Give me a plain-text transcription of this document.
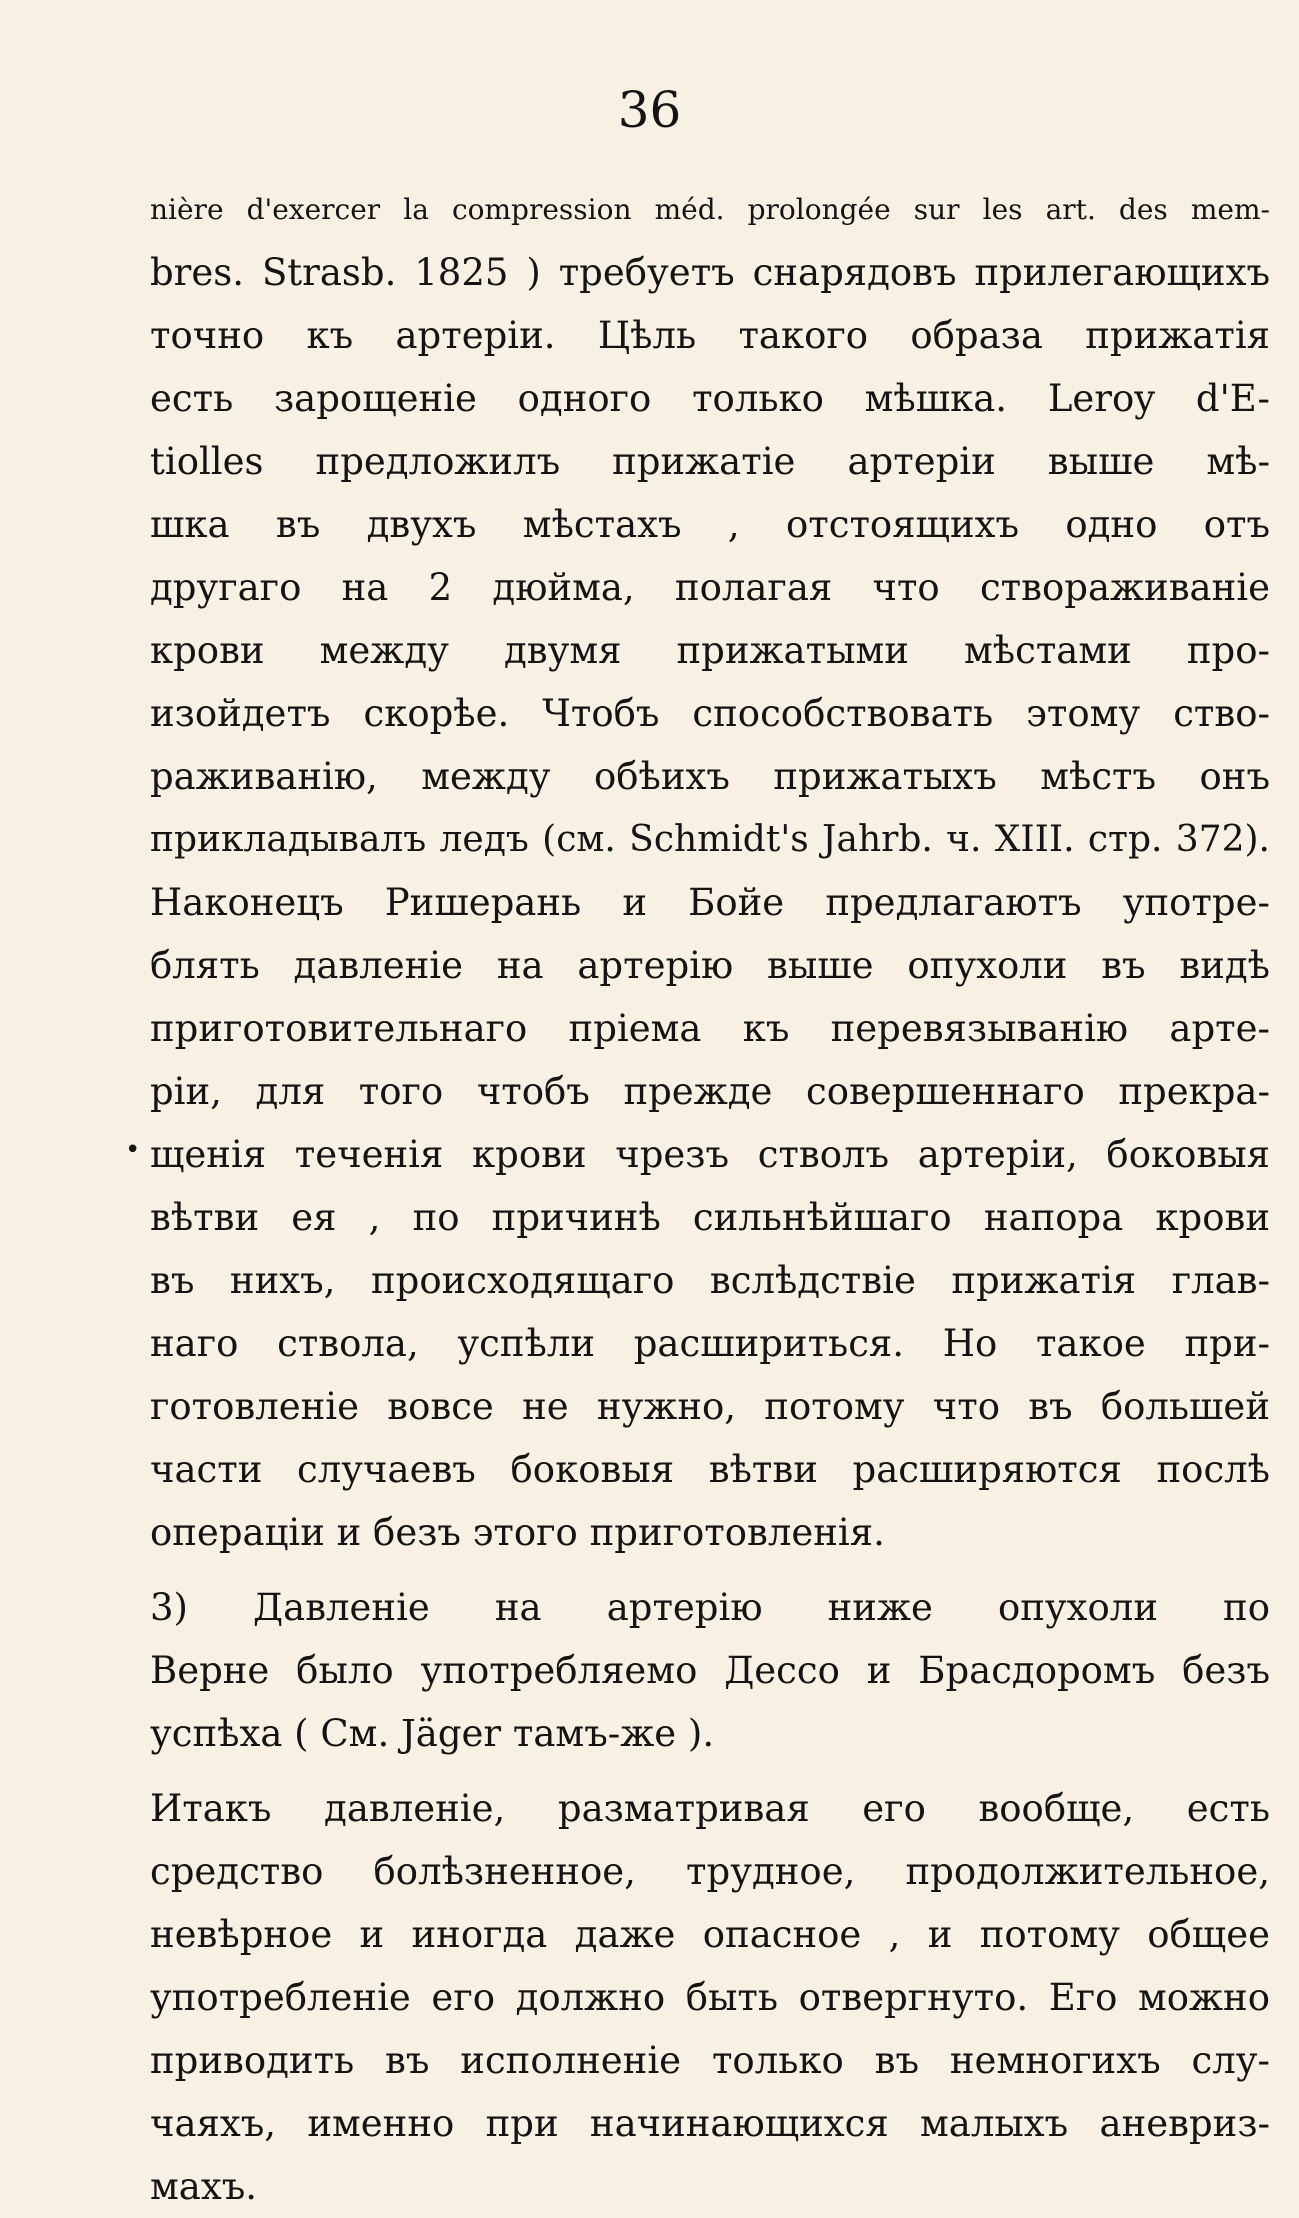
36
•
nière d'exercer la compression méd. prolongée sur les art. des mem-
bres. Strasb. 1825 ) требуетъ снарядовъ прилегающихъ
точно къ артеріи. Цѣль такого образа прижатія
есть зарощеніе одного только мѣшка. Leroy d'E-
tiolles предложилъ прижатіе артеріи выше мѣ-
шка въ двухъ мѣстахъ , отстоящихъ одно отъ
другаго на 2 дюйма, полагая что створаживаніе
крови между двумя прижатыми мѣстами про-
изойдетъ скорѣе. Чтобъ способствовать этому ство-
раживанію, между обѣихъ прижатыхъ мѣстъ онъ
прикладывалъ ледъ (см. Schmidt's Jahrb. ч. XIII. стр. 372).
Наконецъ Ришерань и Бойе предлагаютъ употре-
блять давленіе на артерію выше опухоли въ видѣ
приготовительнаго пріема къ перевязыванію арте-
ріи, для того чтобъ прежде совершеннаго прекра-
щенія теченія крови чрезъ стволъ артеріи, боковыя
вѣтви ея , по причинѣ сильнѣйшаго напора крови
въ нихъ, происходящаго вслѣдствіе прижатія глав-
наго ствола, успѣли расшириться. Но такое при-
готовленіе вовсе не нужно, потому что въ большей
части случаевъ боковыя вѣтви расширяются послѣ
операціи и безъ этого приготовленія.
3) Давленіе на артерію ниже опухоли по
Верне было употребляемо Дессо и Брасдоромъ безъ
успѣха ( См. Jäger тамъ-же ).
Итакъ давленіе, разматривая его вообще, есть
средство болѣзненное, трудное, продолжительное,
невѣрное и иногда даже опасное , и потому общее
употребленіе его должно быть отвергнуто. Его можно
приводить въ исполненіе только въ немногихъ слу-
чаяхъ, именно при начинающихся малыхъ аневриз-
махъ.
